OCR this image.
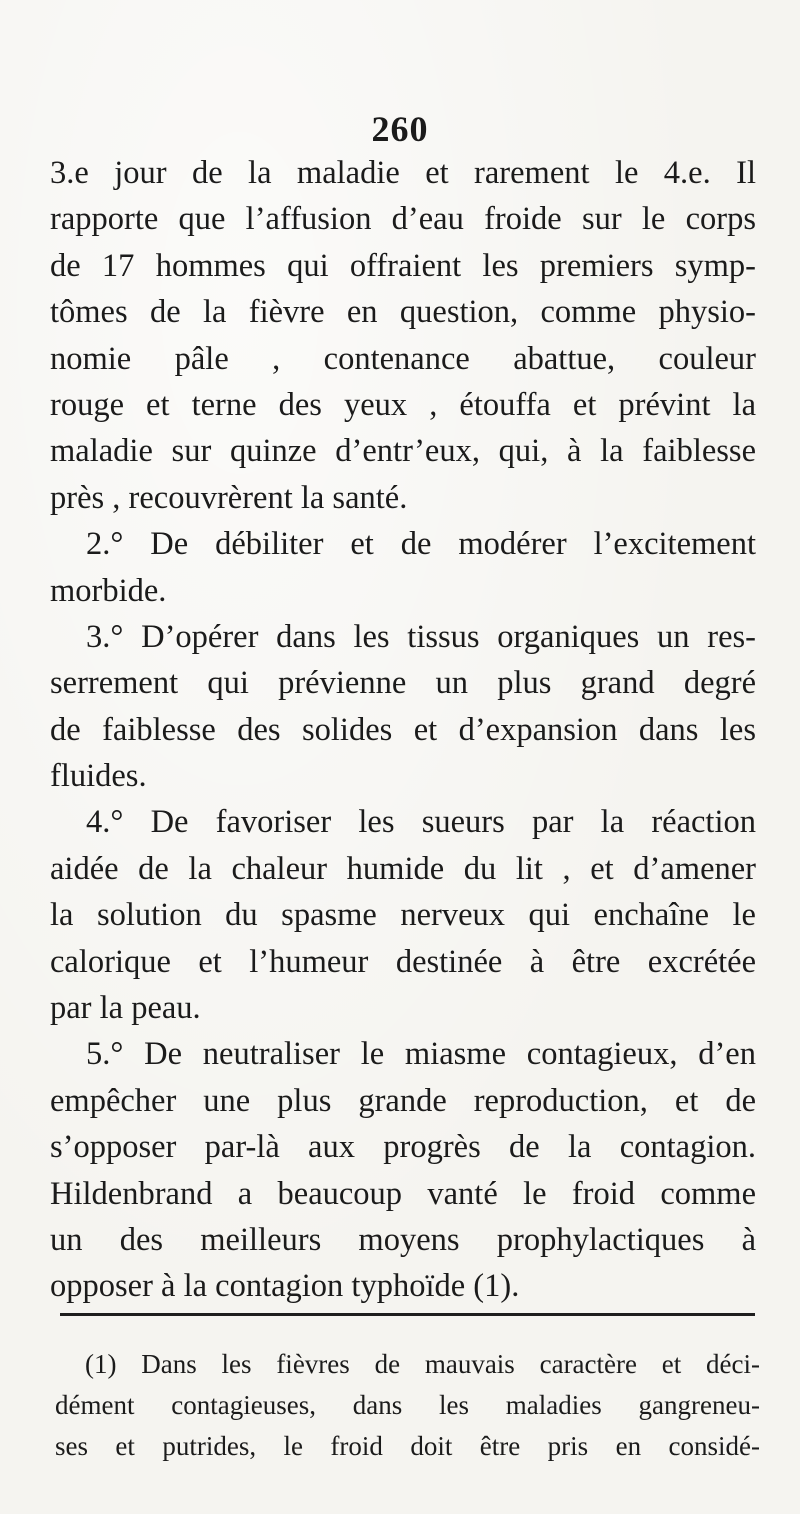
260
3.e jour de la maladie et rarement le 4.e. Il
rapporte que l’affusion d’eau froide sur le corps
de 17 hommes qui offraient les premiers symp-
tômes de la fièvre en question, comme physio-
nomie pâle , contenance abattue, couleur
rouge et terne des yeux , étouffa et prévint la
maladie sur quinze d’entr’eux, qui, à la faiblesse
près , recouvrèrent la santé.
2.° De débiliter et de modérer l’excitement
morbide.
3.° D’opérer dans les tissus organiques un res-
serrement qui prévienne un plus grand degré
de faiblesse des solides et d’expansion dans les
fluides.
4.° De favoriser les sueurs par la réaction
aidée de la chaleur humide du lit , et d’amener
la solution du spasme nerveux qui enchaîne le
calorique et l’humeur destinée à être excrétée
par la peau.
5.° De neutraliser le miasme contagieux, d’en
empêcher une plus grande reproduction, et de
s’opposer par-là aux progrès de la contagion.
Hildenbrand a beaucoup vanté le froid comme
un des meilleurs moyens prophylactiques à
opposer à la contagion typhoïde (1).
(1) Dans les fièvres de mauvais caractère et déci-
dément contagieuses, dans les maladies gangreneu-
ses et putrides, le froid doit être pris en considé-
